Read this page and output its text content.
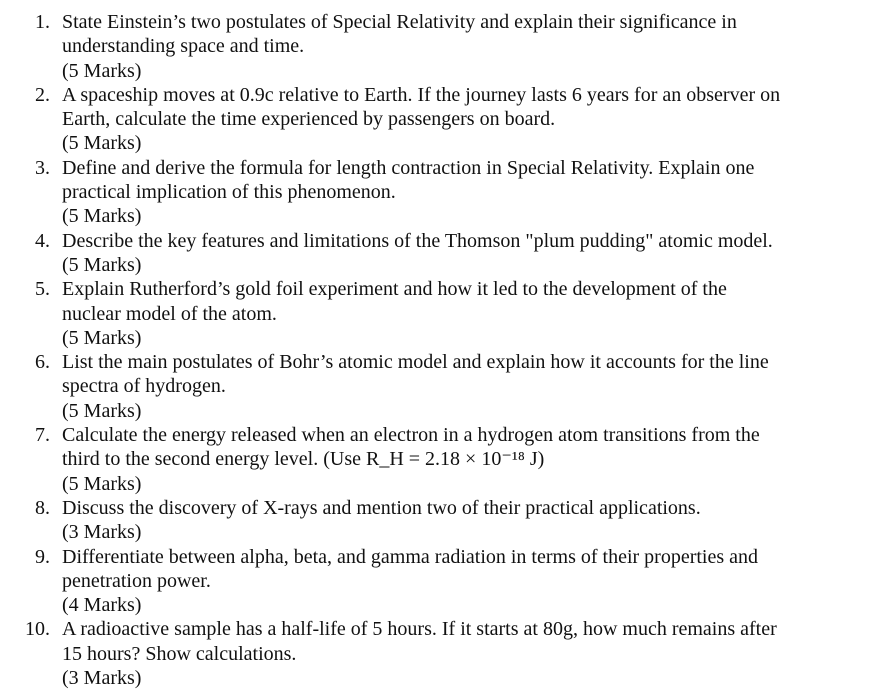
1. State Einstein’s two postulates of Special Relativity and explain their significance in
understanding space and time.
(5 Marks)
2. A spaceship moves at 0.9c relative to Earth. If the journey lasts 6 years for an observer on
Earth, calculate the time experienced by passengers on board.
(5 Marks)
3. Define and derive the formula for length contraction in Special Relativity. Explain one
practical implication of this phenomenon.
(5 Marks)
4. Describe the key features and limitations of the Thomson "plum pudding" atomic model.
(5 Marks)
5. Explain Rutherford’s gold foil experiment and how it led to the development of the
nuclear model of the atom.
(5 Marks)
6. List the main postulates of Bohr’s atomic model and explain how it accounts for the line
spectra of hydrogen.
(5 Marks)
7. Calculate the energy released when an electron in a hydrogen atom transitions from the
third to the second energy level. (Use R_H = 2.18 × 10⁻¹⁸ J)
(5 Marks)
8. Discuss the discovery of X-rays and mention two of their practical applications.
(3 Marks)
9. Differentiate between alpha, beta, and gamma radiation in terms of their properties and
penetration power.
(4 Marks)
10. A radioactive sample has a half-life of 5 hours. If it starts at 80g, how much remains after
15 hours? Show calculations.
(3 Marks)
